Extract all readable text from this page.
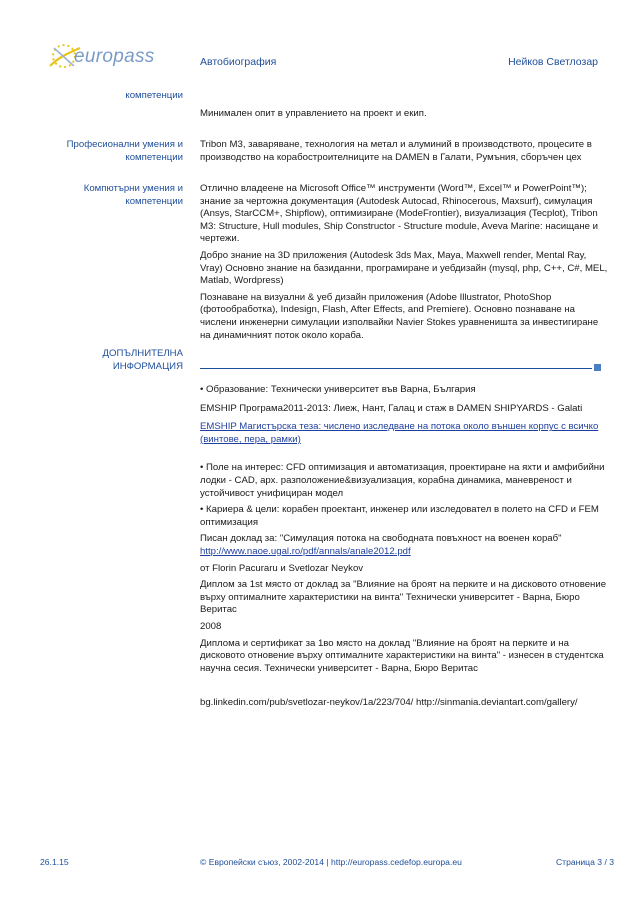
europass	Автобиография	Нейков Светлозар
компетенции
Минимален опит в управлението на проект и екип.
Професионални умения и компетенции
Tribon M3, заваряване, технология на метал и алуминий в производството, процесите в производство на корабостроителниците на DAMEN в Галати, Румъния, сборъчен цех
Компютърни умения и компетенции

Отлично владеене на Microsoft Office™ инструменти (Word™, Excel™ и PowerPoint™); знание за чертожна документация (Autodesk Autocad, Rhinocerous, Maxsurf), симулация (Ansys, StarCCM+, Shipflow), оптимизиране (ModeFrontier), визуализация (Tecplot), Tribon M3: Structure, Hull modules, Ship Constructor - Structure module, Aveva Marine: насищане и чертежи.

Добро знание на 3D приложения (Autodesk 3ds Max, Maya, Maxwell render, Mental Ray, Vray) Основно знание на базиданни, програмиране и уебдизайн (mysql, php, C++, C#, MEL, Matlab, Wordpress)

Познаване на визуални & уеб дизайн приложения (Adobe Illustrator, PhotoShop (фотообработка), Indesign, Flash, After Effects, and Premiere). Основно познаване на числени инженерни симулации изполвайки Navier Stokes уравненишта за инвестигиране на динамичният поток около кораба.

ДОПЪЛНИТЕЛНА ИНФОРМАЦИЯ

• Образование: Технически университет във Варна, България

EMSHIP Програма2011-2013: Лиеж, Нант, Галац и стаж в DAMEN SHIPYARDS - Galati

EMSHIP Магистърска теза: числено изследване на потока около външен корпус с всичко (винтове, пера, рамки)

• Поле на интерес: CFD оптимизация и автоматизация, проектиране на яхти и амфибийни лодки - CAD, арх. разположение&визуализация, корабна динамика, маневреност и устойчивост унифициран модел

• Кариера & цели: корабен проектант, инженер или изследовател в полето на CFD и FEM оптимизация

Писан доклад за: "Симулация потока на свободната повъхност на военен кораб"

http://www.naoe.ugal.ro/pdf/annals/anale2012.pdf

от Florin Pacuraru и Svetlozar Neykov

Диплом за 1st място от доклад за "Влияние на броят на перките и на дисковото отновение върху оптималните характеристики на винта" Технически университет - Варна, Бюро Веритас

2008

Диплома и сертификат за 1во място на доклад "Влияние на броят на перките и на дисковото отновение върху оптималните характеристики на винта" - изнесен в студентска научна сесия. Технически университет - Варна, Бюро Веритас

bg.linkedin.com/pub/svetlozar-neykov/1a/223/704/ http://sinmania.deviantart.com/gallery/

26.1.15	© Европейски съюз, 2002-2014 | http://europass.cedefop.europa.eu	Страница 3 / 3
